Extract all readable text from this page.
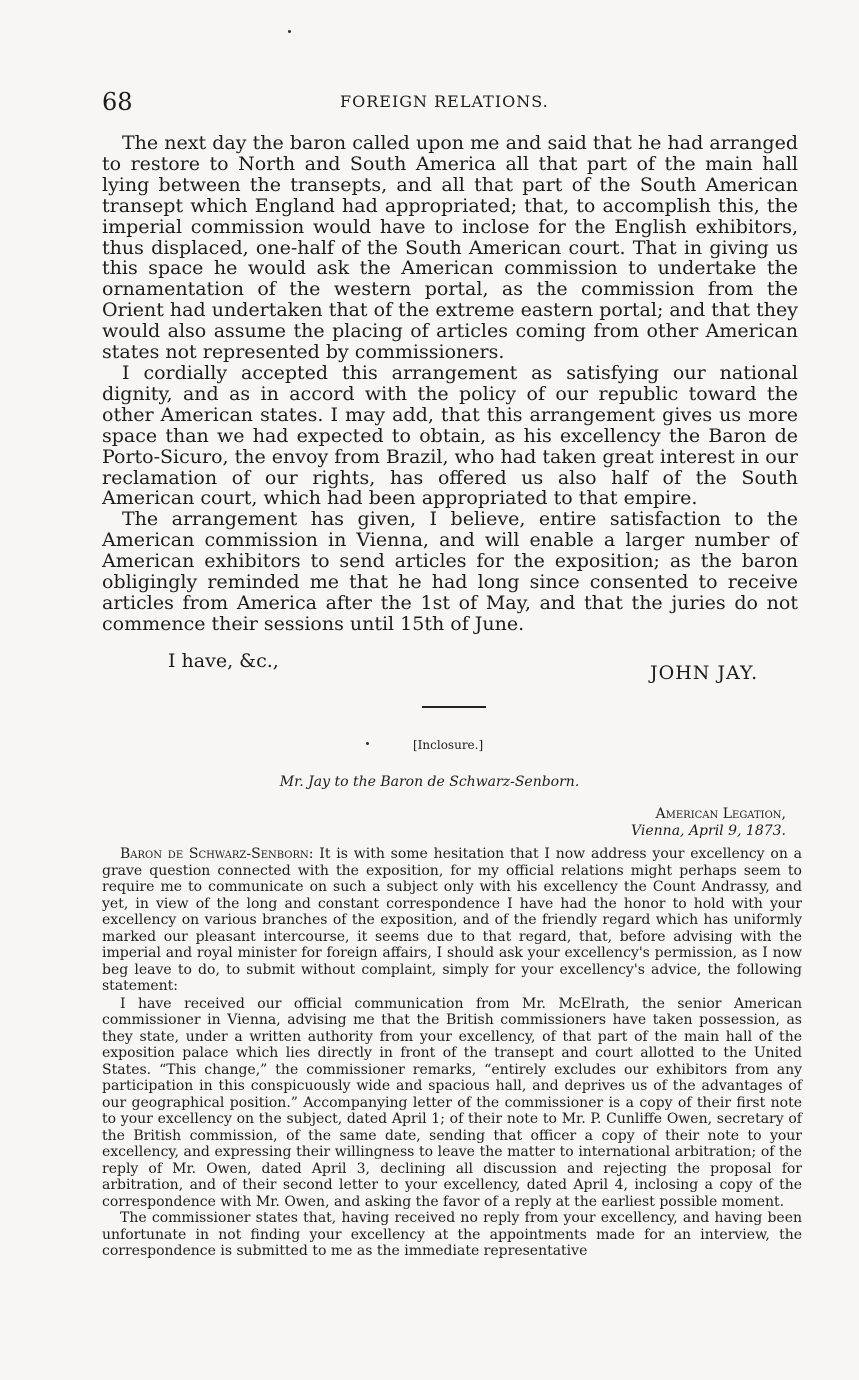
68	FOREIGN RELATIONS.

The next day the baron called upon me and said that he had arranged to restore to North and South America all that part of the main hall lying between the transepts, and all that part of the South American transept which England had appropriated; that, to accomplish this, the imperial commission would have to inclose for the English exhibitors, thus displaced, one-half of the South American court. That in giving us this space he would ask the American commission to undertake the ornamentation of the western portal, as the commission from the Orient had undertaken that of the extreme eastern portal; and that they would also assume the placing of articles coming from other American states not represented by commissioners.

I cordially accepted this arrangement as satisfying our national dignity, and as in accord with the policy of our republic toward the other American states. I may add, that this arrangement gives us more space than we had expected to obtain, as his excellency the Baron de Porto-Sicuro, the envoy from Brazil, who had taken great interest in our reclamation of our rights, has offered us also half of the South American court, which had been appropriated to that empire.

The arrangement has given, I believe, entire satisfaction to the American commission in Vienna, and will enable a larger number of American exhibitors to send articles for the exposition; as the baron obligingly reminded me that he had long since consented to receive articles from America after the 1st of May, and that the juries do not commence their sessions until 15th of June.

I have, &c.,
JOHN JAY.
[Inclosure.]
Mr. Jay to the Baron de Schwarz-Senborn.
American Legation,
Vienna, April 9, 1873.

Baron de Schwarz-Senborn: It is with some hesitation that I now address your excellency on a grave question connected with the exposition, for my official relations might perhaps seem to require me to communicate on such a subject only with his excellency the Count Andrassy, and yet, in view of the long and constant correspondence I have had the honor to hold with your excellency on various branches of the exposition, and of the friendly regard which has uniformly marked our pleasant intercourse, it seems due to that regard, that, before advising with the imperial and royal minister for foreign affairs, I should ask your excellency's permission, as I now beg leave to do, to submit without complaint, simply for your excellency's advice, the following statement:

I have received our official communication from Mr. McElrath, the senior American commissioner in Vienna, advising me that the British commissioners have taken possession, as they state, under a written authority from your excellency, of that part of the main hall of the exposition palace which lies directly in front of the transept and court allotted to the United States. “This change,” the commissioner remarks, “entirely excludes our exhibitors from any participation in this conspicuously wide and spacious hall, and deprives us of the advantages of our geographical position.” Accompanying letter of the commissioner is a copy of their first note to your excellency on the subject, dated April 1; of their note to Mr. P. Cunliffe Owen, secretary of the British commission, of the same date, sending that officer a copy of their note to your excellency, and expressing their willingness to leave the matter to international arbitration; of the reply of Mr. Owen, dated April 3, declining all discussion and rejecting the proposal for arbitration, and of their second letter to your excellency, dated April 4, inclosing a copy of the correspondence with Mr. Owen, and asking the favor of a reply at the earliest possible moment.

The commissioner states that, having received no reply from your excellency, and having been unfortunate in not finding your excellency at the appointments made for an interview, the correspondence is submitted to me as the immediate representative
